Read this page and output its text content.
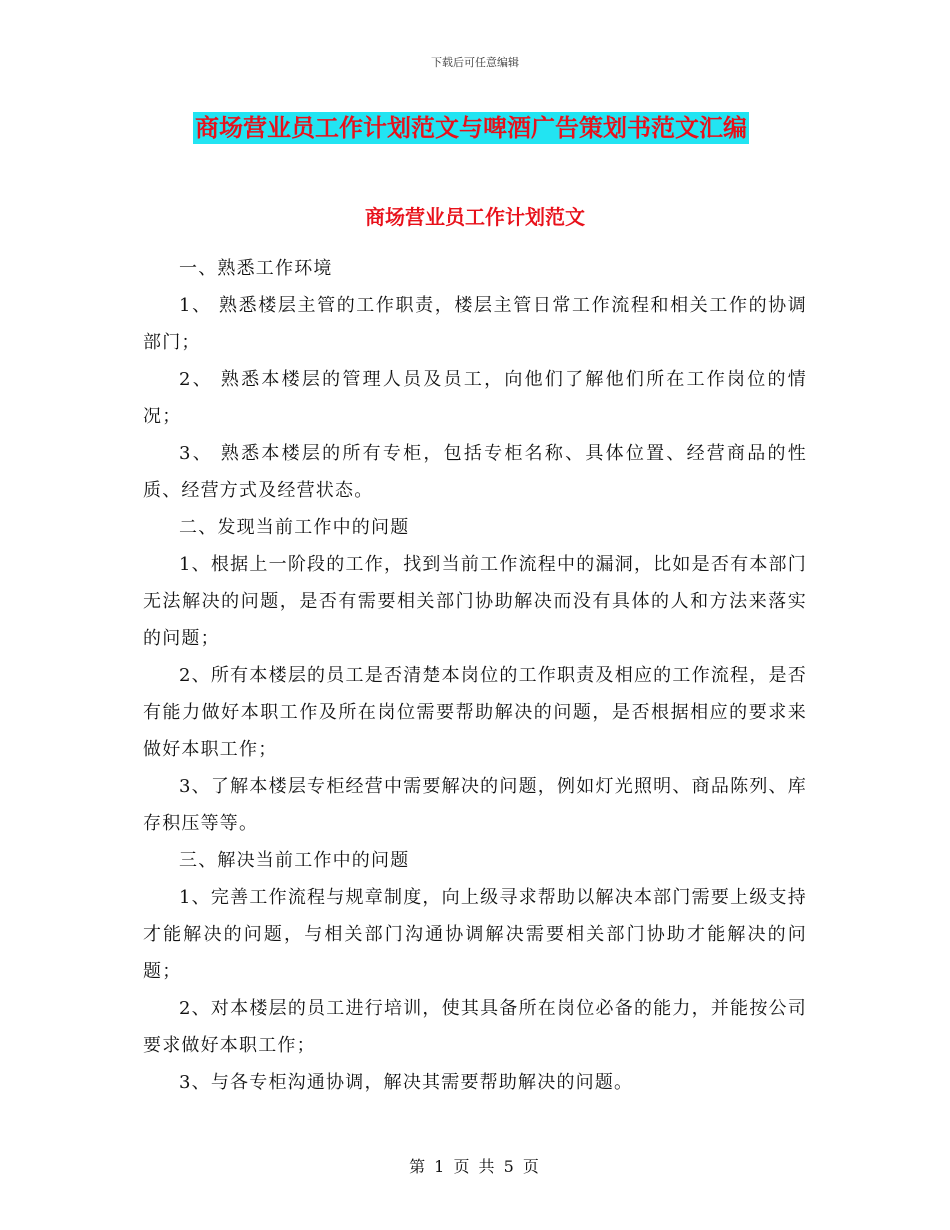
下载后可任意编辑
商场营业员工作计划范文与啤酒广告策划书范文汇编
商场营业员工作计划范文

一、熟悉工作环境

1、 熟悉楼层主管的工作职责，楼层主管日常工作流程和相关工作的协调部门；

2、 熟悉本楼层的管理人员及员工，向他们了解他们所在工作岗位的情况；

3、 熟悉本楼层的所有专柜，包括专柜名称、具体位置、经营商品的性质、经营方式及经营状态。

二、发现当前工作中的问题

1、根据上一阶段的工作，找到当前工作流程中的漏洞，比如是否有本部门无法解决的问题，是否有需要相关部门协助解决而没有具体的人和方法来落实的问题；

2、所有本楼层的员工是否清楚本岗位的工作职责及相应的工作流程，是否有能力做好本职工作及所在岗位需要帮助解决的问题，是否根据相应的要求来做好本职工作；

3、了解本楼层专柜经营中需要解决的问题，例如灯光照明、商品陈列、库存积压等等。

三、解决当前工作中的问题

1、完善工作流程与规章制度，向上级寻求帮助以解决本部门需要上级支持才能解决的问题，与相关部门沟通协调解决需要相关部门协助才能解决的问题；

2、对本楼层的员工进行培训，使其具备所在岗位必备的能力，并能按公司要求做好本职工作；

3、与各专柜沟通协调，解决其需要帮助解决的问题。

第 1 页 共 5 页
